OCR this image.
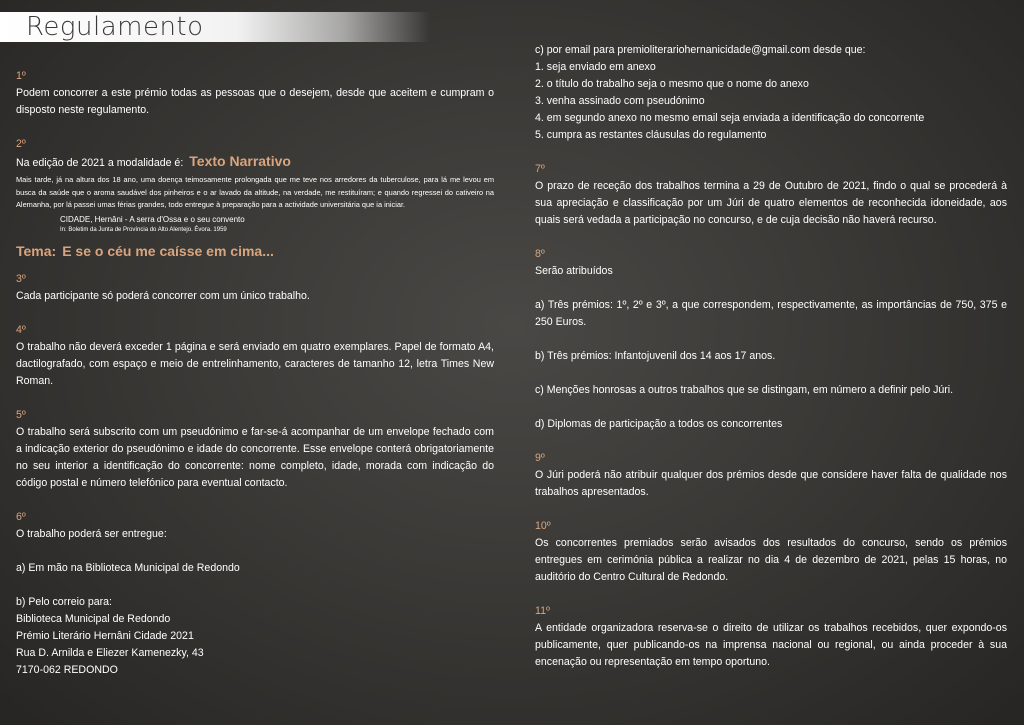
Regulamento
1º

Podem concorrer a este prémio todas as pessoas que o desejem, desde que aceitem e cumpram o disposto neste regulamento.

2º
Na edição de 2021 a modalidade é: Texto Narrativo

Mais tarde, já na altura dos 18 ano, uma doença teimosamente prolongada que me teve nos arredores da tuberculose, para lá me levou em busca da saúde que o aroma saudável dos pinheiros e o ar lavado da altitude, na verdade, me restituíram; e quando regressei do cativeiro na Alemanha, por lá passei umas férias grandes, todo entregue à preparação para a actividade universitária que ia iniciar.

CIDADE, Hernâni - A serra d'Ossa e o seu convento
In: Boletim da Junta de Província do Alto Alentejo. Évora. 1959
Tema: E se o céu me caísse em cima...
3º

Cada participante só poderá concorrer com um único trabalho.

4º

O trabalho não deverá exceder 1 página e será enviado em quatro exemplares. Papel de formato A4, dactilografado, com espaço e meio de entrelinhamento, caracteres de tamanho 12, letra Times New Roman.

5º

O trabalho será subscrito com um pseudónimo e far-se-á acompanhar de um envelope fechado com a indicação exterior do pseudónimo e idade do concorrente. Esse envelope conterá obrigatoriamente no seu interior a identificação do concorrente: nome completo, idade, morada com indicação do código postal e número telefónico para eventual contacto.

6º

O trabalho poderá ser entregue:

a) Em mão na Biblioteca Municipal de Redondo

b) Pelo correio para:

Biblioteca Municipal de Redondo

Prémio Literário Hernâni Cidade 2021

Rua D. Arnilda e Eliezer Kamenezky, 43

7170-062 REDONDO

c) por email para premioliterariohernanicidade@gmail.com desde que:

1. seja enviado em anexo

2. o título do trabalho seja o mesmo que o nome do anexo

3. venha assinado com pseudónimo

4. em segundo anexo no mesmo email seja enviada a identificação do concorrente

5. cumpra as restantes cláusulas do regulamento

7º

O prazo de receção dos trabalhos termina a 29 de Outubro de 2021, findo o qual se procederá à sua apreciação e classificação por um Júri de quatro elementos de reconhecida idoneidade, aos quais será vedada a participação no concurso, e de cuja decisão não haverá recurso.

8º

Serão atribuídos

a) Três prémios: 1º, 2º e 3º, a que correspondem, respectivamente, as importâncias de 750, 375 e 250 Euros.

b) Três prémios: Infantojuvenil dos 14 aos 17 anos.

c) Menções honrosas a outros trabalhos que se distingam, em número a definir pelo Júri.

d) Diplomas de participação a todos os concorrentes

9º

O Júri poderá não atribuir qualquer dos prémios desde que considere haver falta de qualidade nos trabalhos apresentados.

10º

Os concorrentes premiados serão avisados dos resultados do concurso, sendo os prémios entregues em cerimónia pública a realizar no dia 4 de dezembro de 2021, pelas 15 horas, no auditório do Centro Cultural de Redondo.

11º

A entidade organizadora reserva-se o direito de utilizar os trabalhos recebidos, quer expondo-os publicamente, quer publicando-os na imprensa nacional ou regional, ou ainda proceder à sua encenação ou representação em tempo oportuno.
